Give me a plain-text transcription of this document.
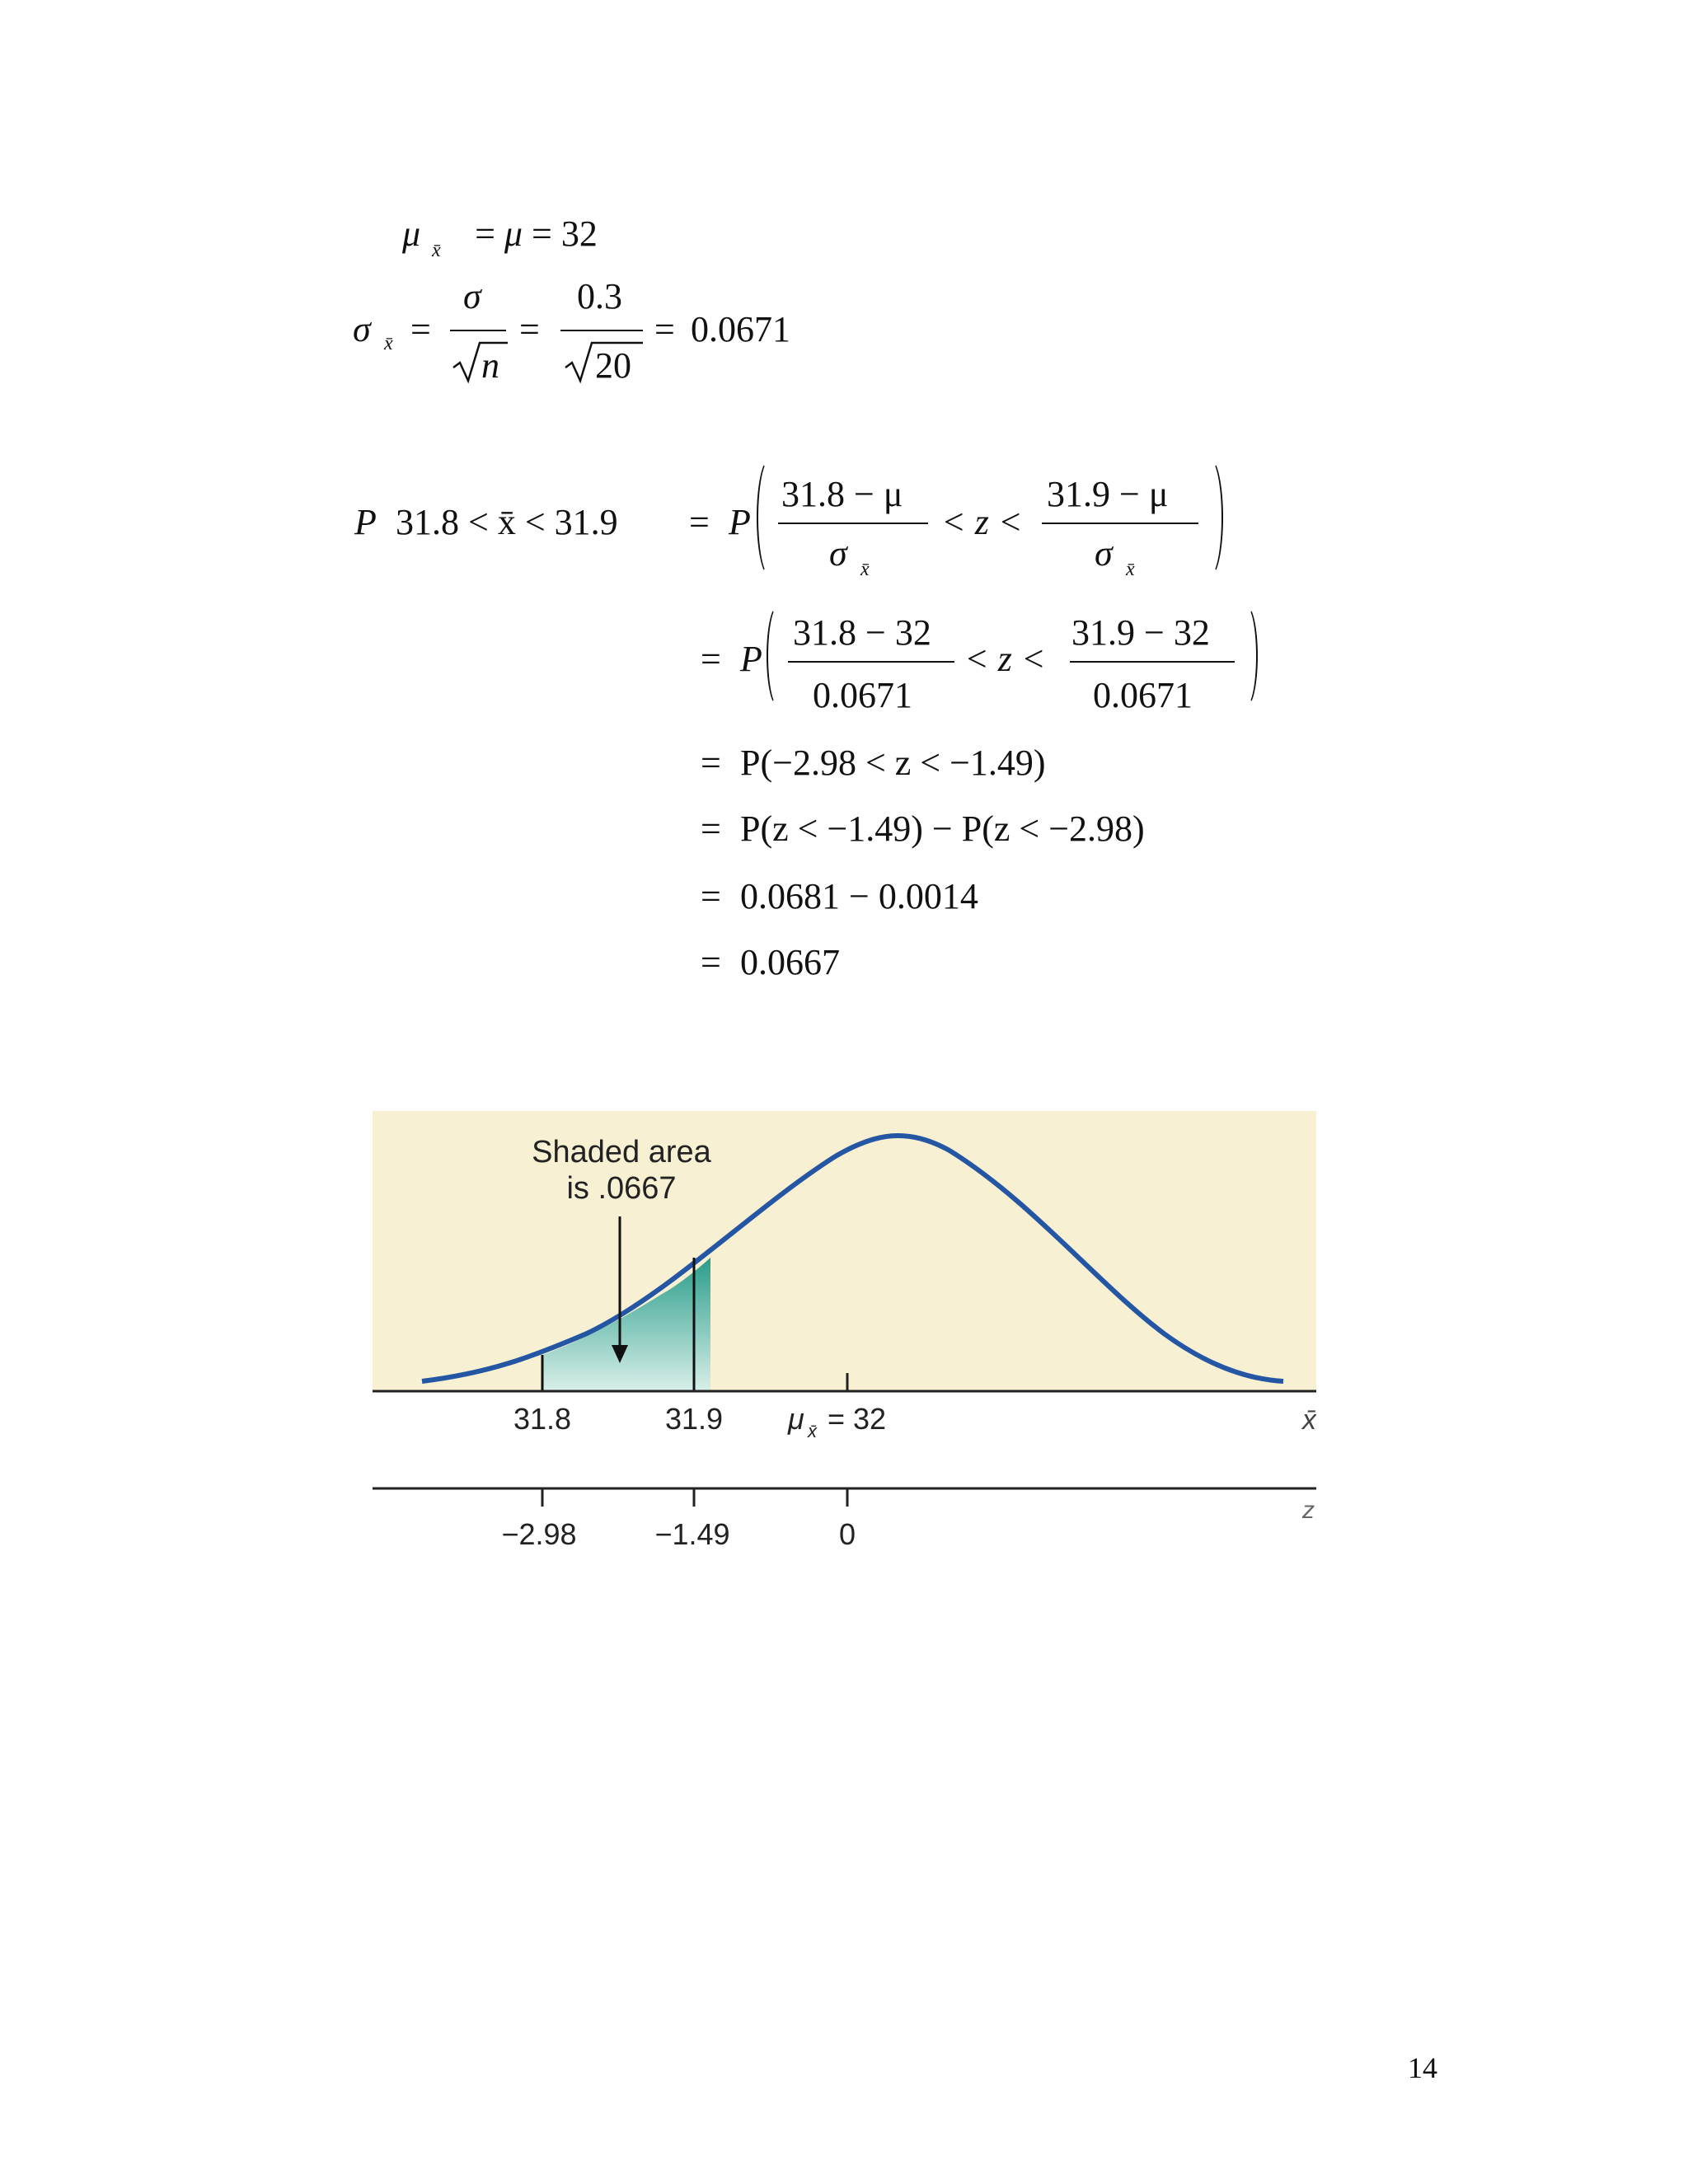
μ x̄ = μ = 32
σ x̄ =
σ
n
=
0.3
20
= 0.0671
P 31.8 < x̄ < 31.9 = P
31.8 − μ
σ x̄
< z <
31.9 − μ
σ x̄
= P
31.8 − 32
0.0671
< z <
31.9 − 32
0.0671
= P(−2.98 < z < −1.49)
= P(z < −1.49) − P(z < −2.98)
= 0.0681 − 0.0014
= 0.0667
Shaded area
is .0667
31.8	31.9 μ x̄ = 32	x̄
−2.98	−1.49	0
z
14
